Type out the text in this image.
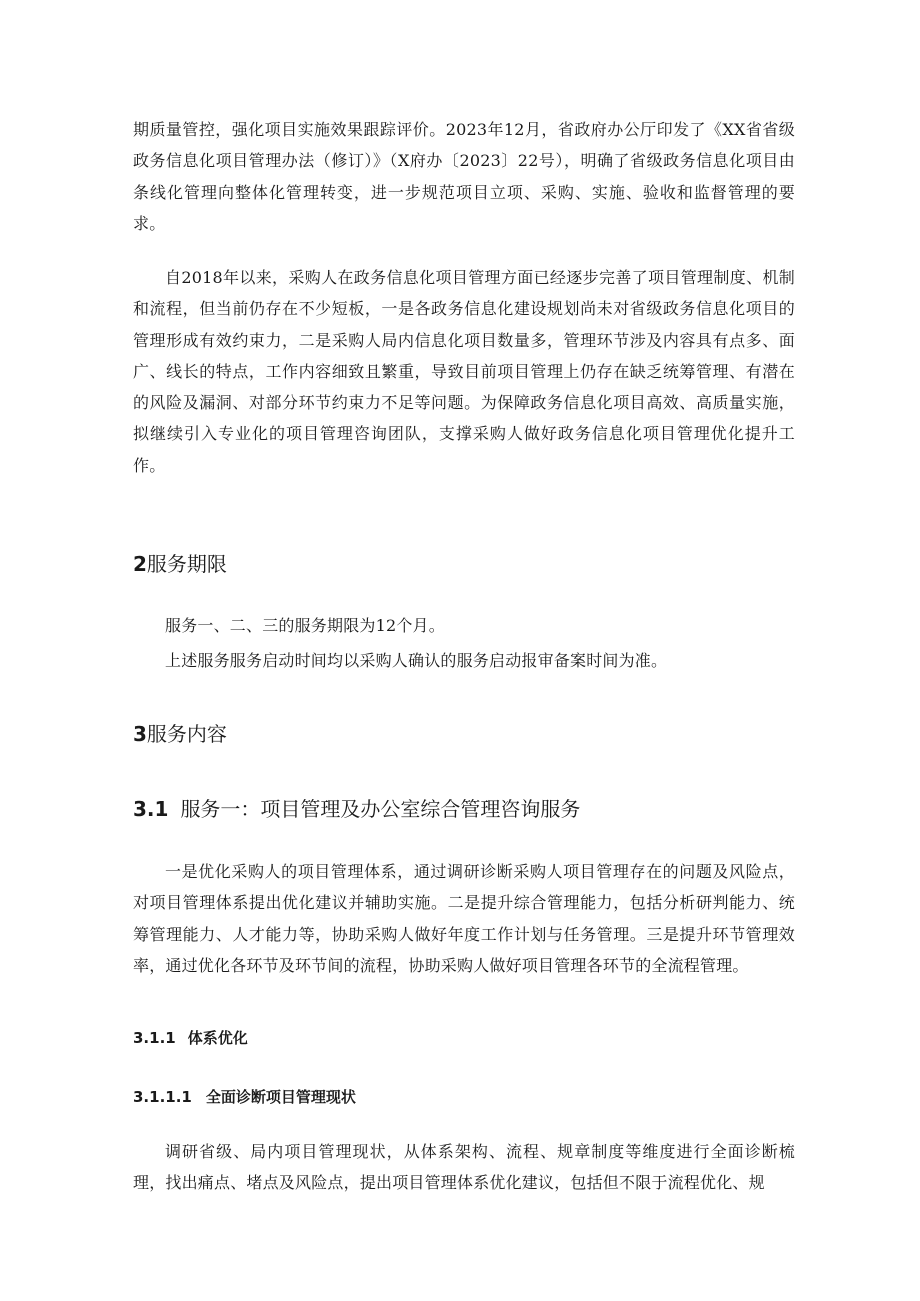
期质量管控，强化项目实施效果跟踪评价。2023年12月，省政府办公厅印发了《XX省省级政务信息化项目管理办法（修订）》（X府办〔2023〕22号），明确了省级政务信息化项目由条线化管理向整体化管理转变，进一步规范项目立项、采购、实施、验收和监督管理的要求。

自2018年以来，采购人在政务信息化项目管理方面已经逐步完善了项目管理制度、机制和流程，但当前仍存在不少短板，一是各政务信息化建设规划尚未对省级政务信息化项目的管理形成有效约束力，二是采购人局内信息化项目数量多，管理环节涉及内容具有点多、面广、线长的特点，工作内容细致且繁重，导致目前项目管理上仍存在缺乏统筹管理、有潜在的风险及漏洞、对部分环节约束力不足等问题。为保障政务信息化项目高效、高质量实施，拟继续引入专业化的项目管理咨询团队，支撑采购人做好政务信息化项目管理优化提升工作。

2服务期限

服务一、二、三的服务期限为12个月。

上述服务服务启动时间均以采购人确认的服务启动报审备案时间为准。

3服务内容
3.1 服务一：项目管理及办公室综合管理咨询服务

一是优化采购人的项目管理体系，通过调研诊断采购人项目管理存在的问题及风险点，对项目管理体系提出优化建议并辅助实施。二是提升综合管理能力，包括分析研判能力、统筹管理能力、人才能力等，协助采购人做好年度工作计划与任务管理。三是提升环节管理效率，通过优化各环节及环节间的流程，协助采购人做好项目管理各环节的全流程管理。

3.1.1 体系优化
3.1.1.1 全面诊断项目管理现状

调研省级、局内项目管理现状，从体系架构、流程、规章制度等维度进行全面诊断梳理，找出痛点、堵点及风险点，提出项目管理体系优化建议，包括但不限于流程优化、规
